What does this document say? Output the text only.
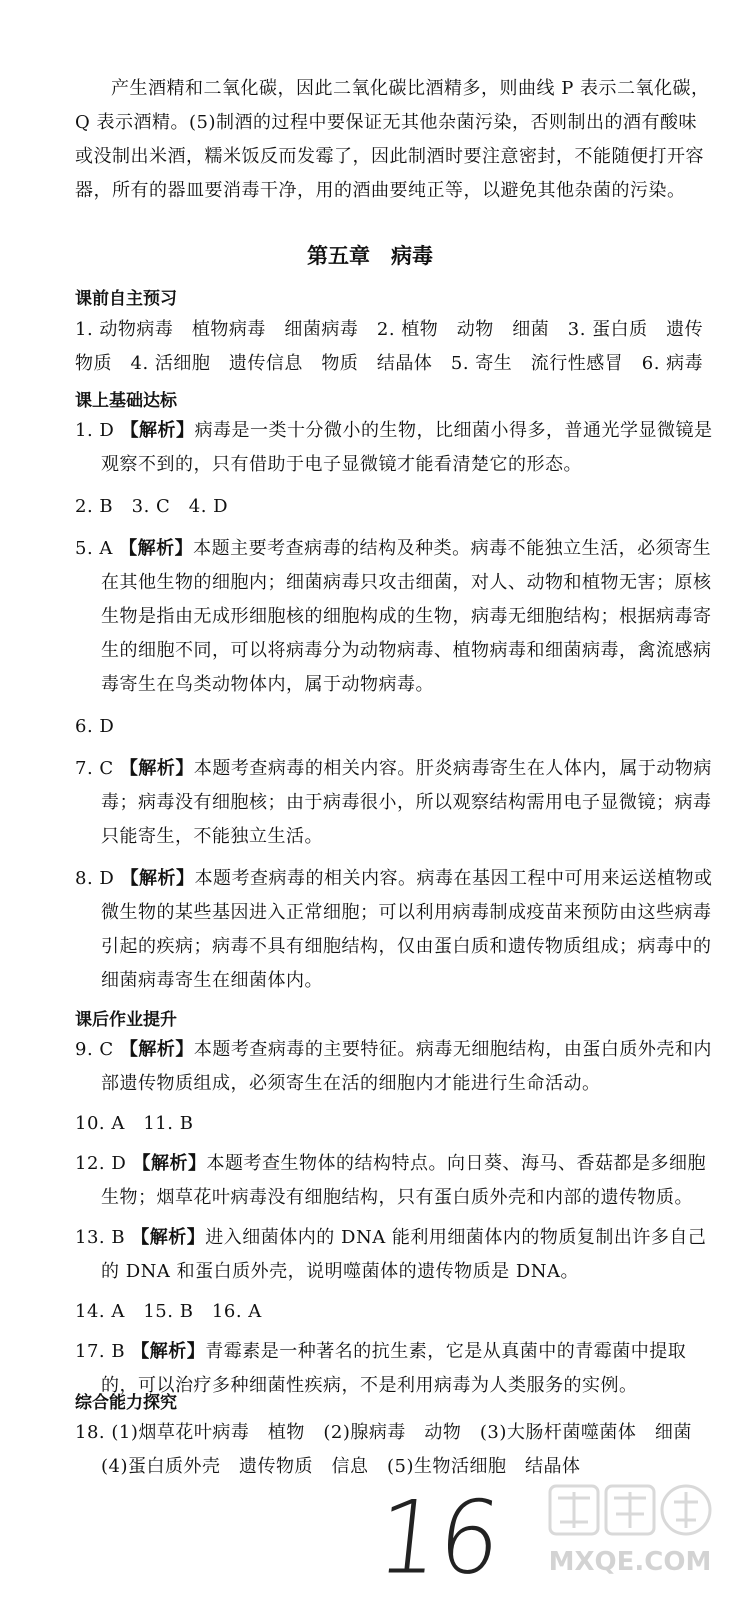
产生酒精和二氧化碳，因此二氧化碳比酒精多，则曲线 P 表示二氧化碳，Q 表示酒精。(5)制酒的过程中要保证无其他杂菌污染，否则制出的酒有酸味或没制出米酒，糯米饭反而发霉了，因此制酒时要注意密封，不能随便打开容器，所有的器皿要消毒干净，用的酒曲要纯正等，以避免其他杂菌的污染。
第五章　病毒
课前自主预习
1. 动物病毒　植物病毒　细菌病毒　2. 植物　动物　细菌　3. 蛋白质　遗传物质　4. 活细胞　遗传信息　物质　结晶体　5. 寄生　流行性感冒　6. 病毒
课上基础达标
1. D 【解析】病毒是一类十分微小的生物，比细菌小得多，普通光学显微镜是观察不到的，只有借助于电子显微镜才能看清楚它的形态。
2. B　3. C　4. D
5. A 【解析】本题主要考查病毒的结构及种类。病毒不能独立生活，必须寄生在其他生物的细胞内；细菌病毒只攻击细菌，对人、动物和植物无害；原核生物是指由无成形细胞核的细胞构成的生物，病毒无细胞结构；根据病毒寄生的细胞不同，可以将病毒分为动物病毒、植物病毒和细菌病毒，禽流感病毒寄生在鸟类动物体内，属于动物病毒。
6. D
7. C 【解析】本题考查病毒的相关内容。肝炎病毒寄生在人体内，属于动物病毒；病毒没有细胞核；由于病毒很小，所以观察结构需用电子显微镜；病毒只能寄生，不能独立生活。
8. D 【解析】本题考查病毒的相关内容。病毒在基因工程中可用来运送植物或微生物的某些基因进入正常细胞；可以利用病毒制成疫苗来预防由这些病毒引起的疾病；病毒不具有细胞结构，仅由蛋白质和遗传物质组成；病毒中的细菌病毒寄生在细菌体内。
课后作业提升
9. C 【解析】本题考查病毒的主要特征。病毒无细胞结构，由蛋白质外壳和内部遗传物质组成，必须寄生在活的细胞内才能进行生命活动。
10. A　11. B
12. D 【解析】本题考查生物体的结构特点。向日葵、海马、香菇都是多细胞生物；烟草花叶病毒没有细胞结构，只有蛋白质外壳和内部的遗传物质。
13. B 【解析】进入细菌体内的 DNA 能利用细菌体内的物质复制出许多自己的 DNA 和蛋白质外壳，说明噬菌体的遗传物质是 DNA。
14. A　15. B　16. A
17. B 【解析】青霉素是一种著名的抗生素，它是从真菌中的青霉菌中提取的，可以治疗多种细菌性疾病，不是利用病毒为人类服务的实例。
综合能力探究
18. (1)烟草花叶病毒　植物　(2)腺病毒　动物　(3)大肠杆菌噬菌体　细菌　(4)蛋白质外壳　遗传物质　信息　(5)生物活细胞　结晶体
16 MXQE.COM
